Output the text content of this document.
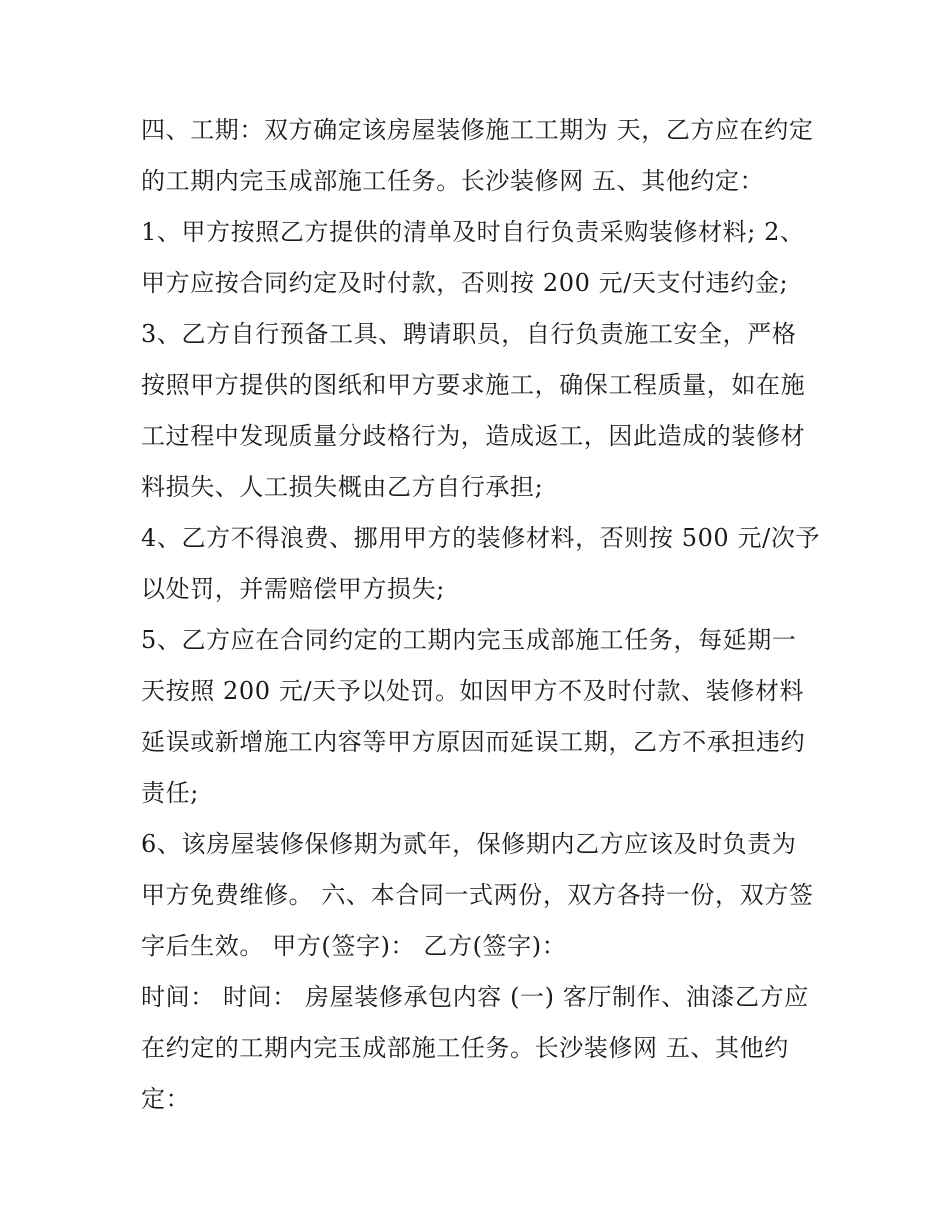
四、工期：双方确定该房屋装修施工工期为 天，乙方应在约定的工期内完玉成部施工任务。长沙装修网 五、其他约定：

1、甲方按照乙方提供的清单及时自行负责采购装修材料; 2、甲方应按合同约定及时付款，否则按 200 元/天支付违约金;

3、乙方自行预备工具、聘请职员，自行负责施工安全，严格按照甲方提供的图纸和甲方要求施工，确保工程质量，如在施工过程中发现质量分歧格行为，造成返工，因此造成的装修材料损失、人工损失概由乙方自行承担;

4、乙方不得浪费、挪用甲方的装修材料，否则按 500 元/次予以处罚，并需赔偿甲方损失;

5、乙方应在合同约定的工期内完玉成部施工任务，每延期一天按照 200 元/天予以处罚。如因甲方不及时付款、装修材料延误或新增施工内容等甲方原因而延误工期，乙方不承担违约责任;

6、该房屋装修保修期为贰年，保修期内乙方应该及时负责为甲方免费维修。 六、本合同一式两份，双方各持一份，双方签字后生效。 甲方(签字)： 乙方(签字)：

时间： 时间： 房屋装修承包内容 (一) 客厅制作、油漆乙方应在约定的工期内完玉成部施工任务。长沙装修网 五、其他约定：
